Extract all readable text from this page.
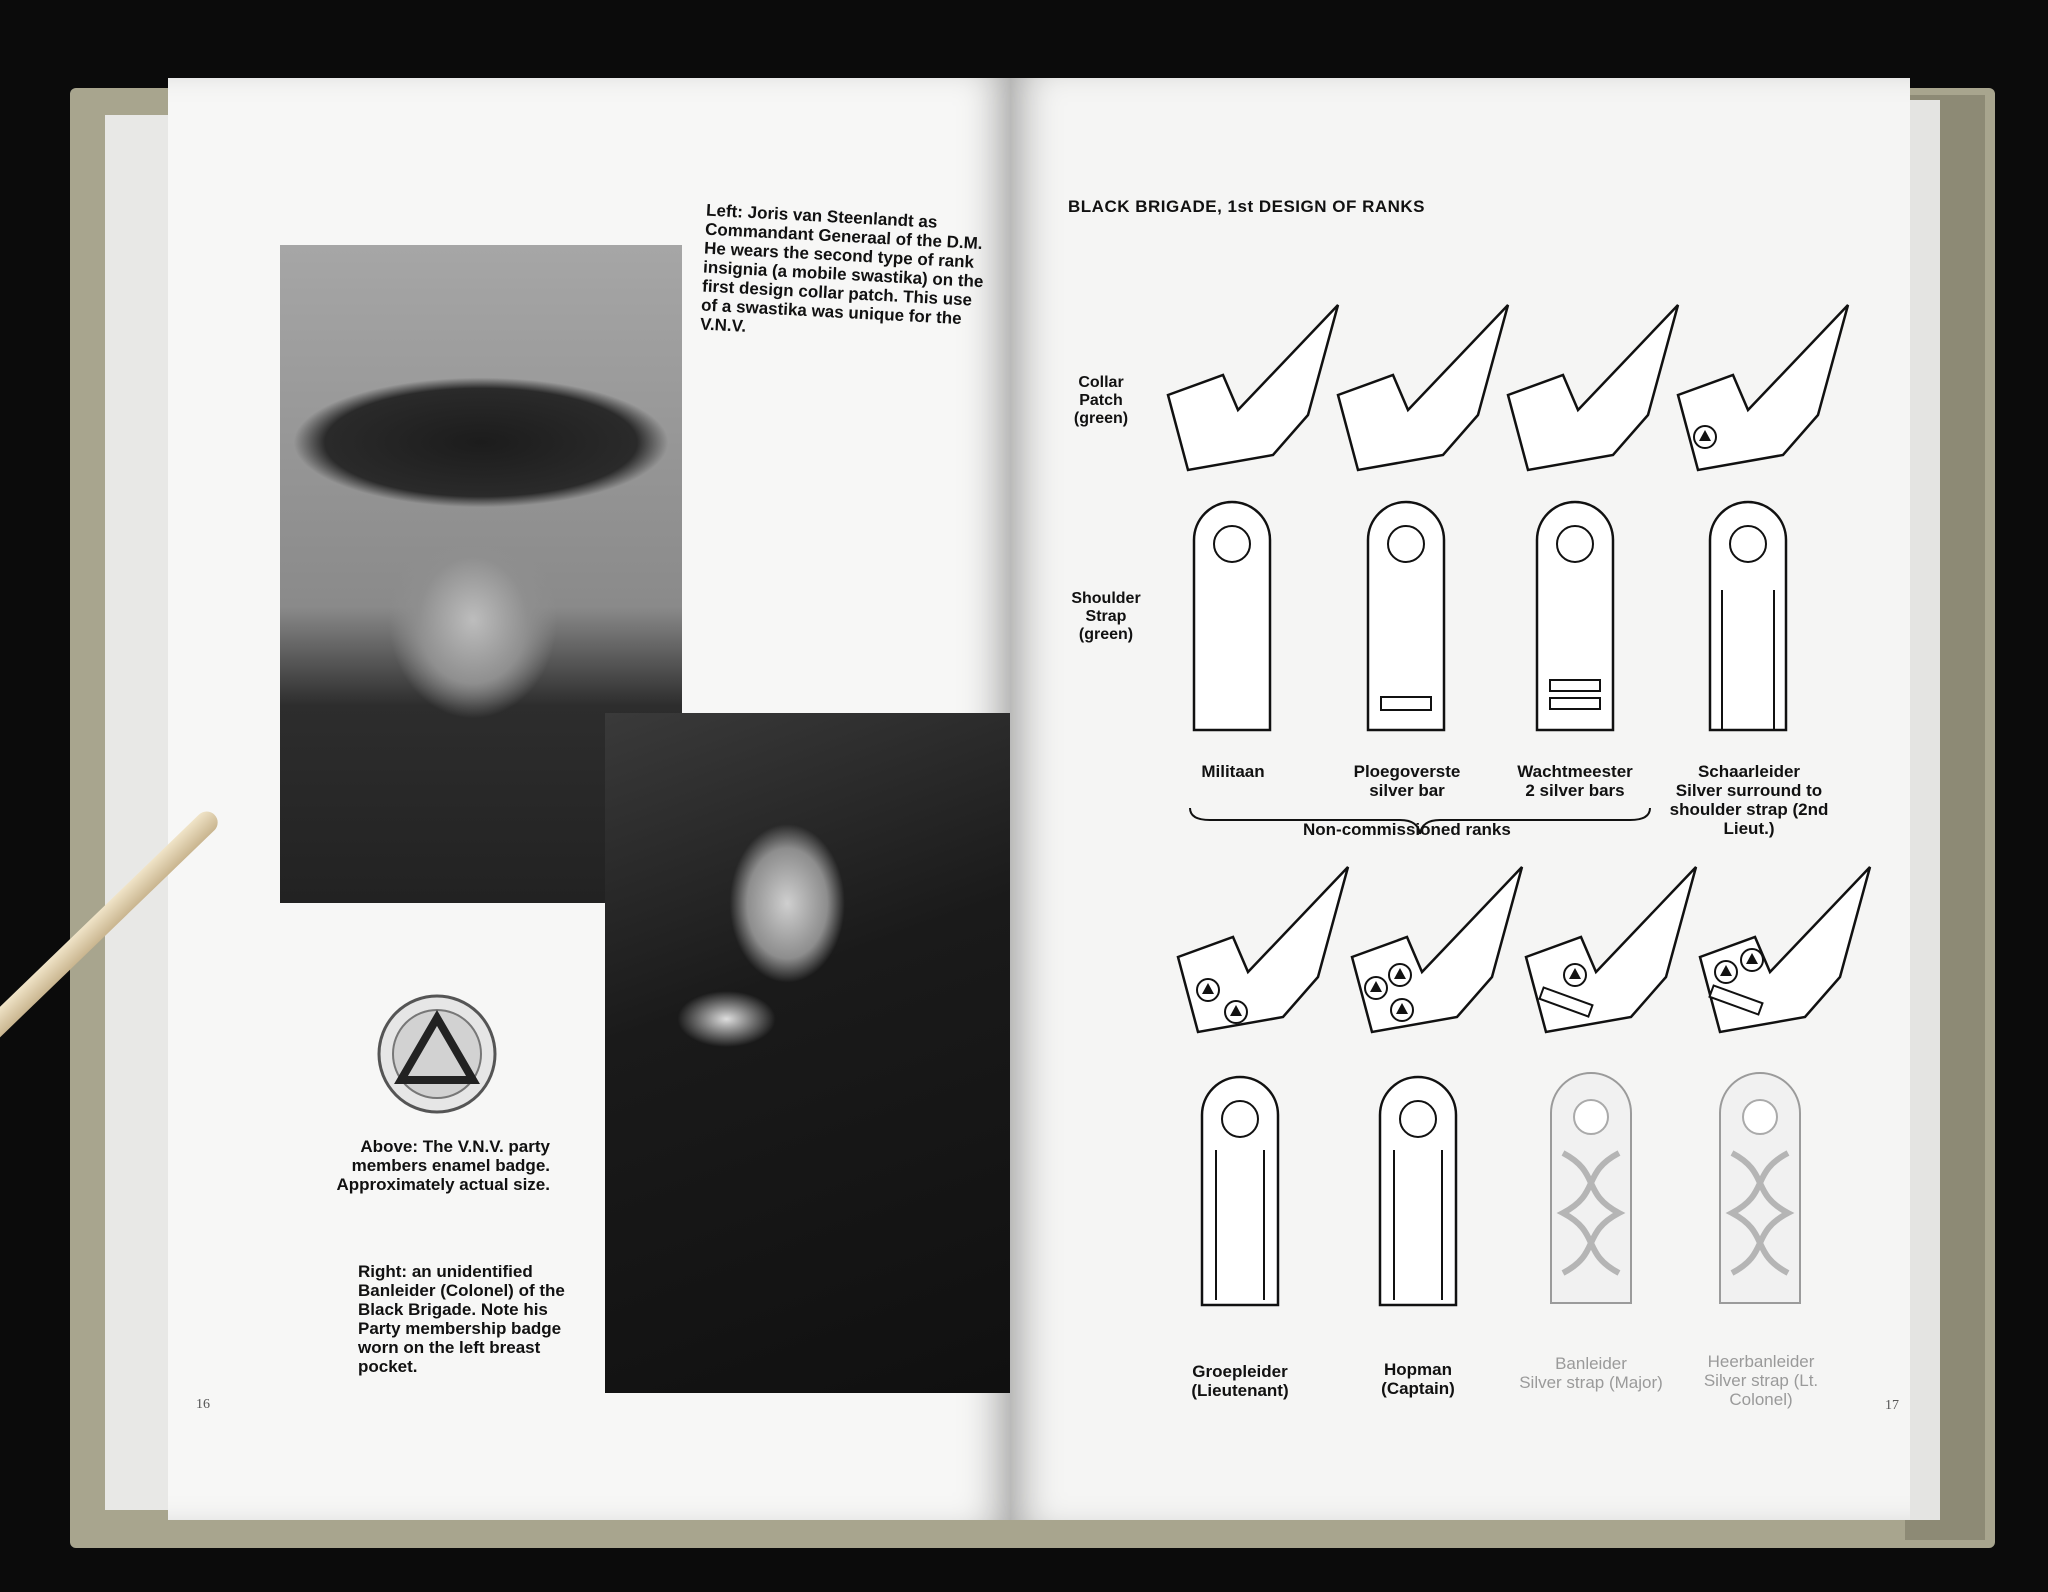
Left: Joris van Steenlandt as Commandant Generaal of the D.M. He wears the second type of rank insignia (a mobile swastika) on the first design collar patch. This use of a swastika was unique for the V.N.V.
Above: The V.N.V. party members enamel badge. Approximately actual size.
Right: an unidentified Banleider (Colonel) of the Black Brigade. Note his Party membership badge worn on the left breast pocket.
16
BLACK BRIGADE, 1st DESIGN OF RANKS
Collar
Patch
(green)
Shoulder
Strap
(green)
Militaan	Ploegoverste
silver bar
Wachtmeester
2 silver bars
Schaarleider
Silver surround to shoulder strap (2nd Lieut.)
Non-commissioned ranks
Groepleider
(Lieutenant)
Hopman
(Captain)
Banleider
Silver strap (Major)
Heerbanleider
Silver strap (Lt. Colonel)	17
